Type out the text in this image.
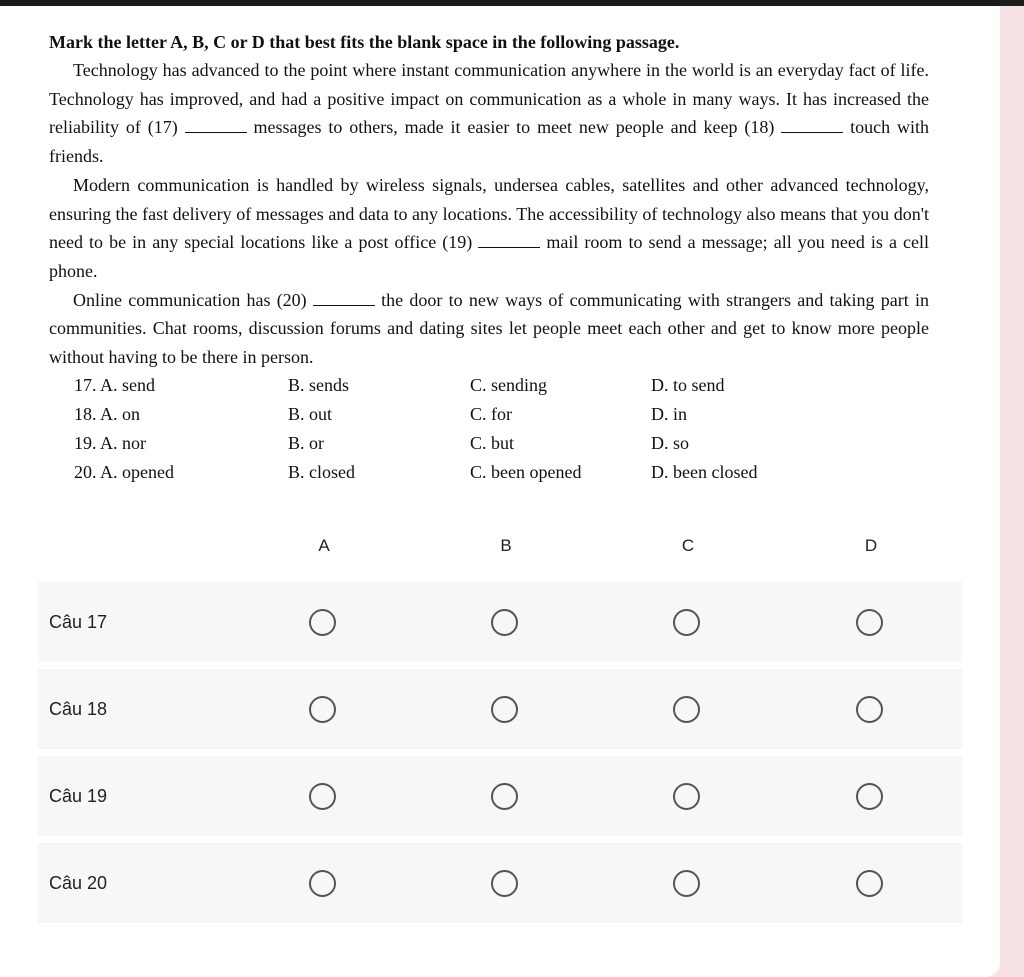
Mark the letter A, B, C or D that best fits the blank space in the following passage.

Technology has advanced to the point where instant communication anywhere in the world is an everyday fact of life. Technology has improved, and had a positive impact on communication as a whole in many ways. It has increased the reliability of (17)	messages to others, made it easier to meet new people and keep (18)	touch with friends.

Modern communication is handled by wireless signals, undersea cables, satellites and other advanced technology, ensuring the fast delivery of messages and data to any locations. The accessibility of technology also means that you don't need to be in any special locations like a post office (19)	mail room to send a message; all you need is a cell phone.

Online communication has (20)	the door to new ways of communicating with strangers and taking part in communities. Chat rooms, discussion forums and dating sites let people meet each other and get to know more people without having to be there in person.

17. A. send	B. sends	C. sending	D. to send
18. A. on	B. out	C. for	D. in
19. A. nor	B. or	C. but	D. so
20. A. opened	B. closed	C. been opened	D. been closed
A	B	C	D
Câu 17
Câu 18
Câu 19
Câu 20
